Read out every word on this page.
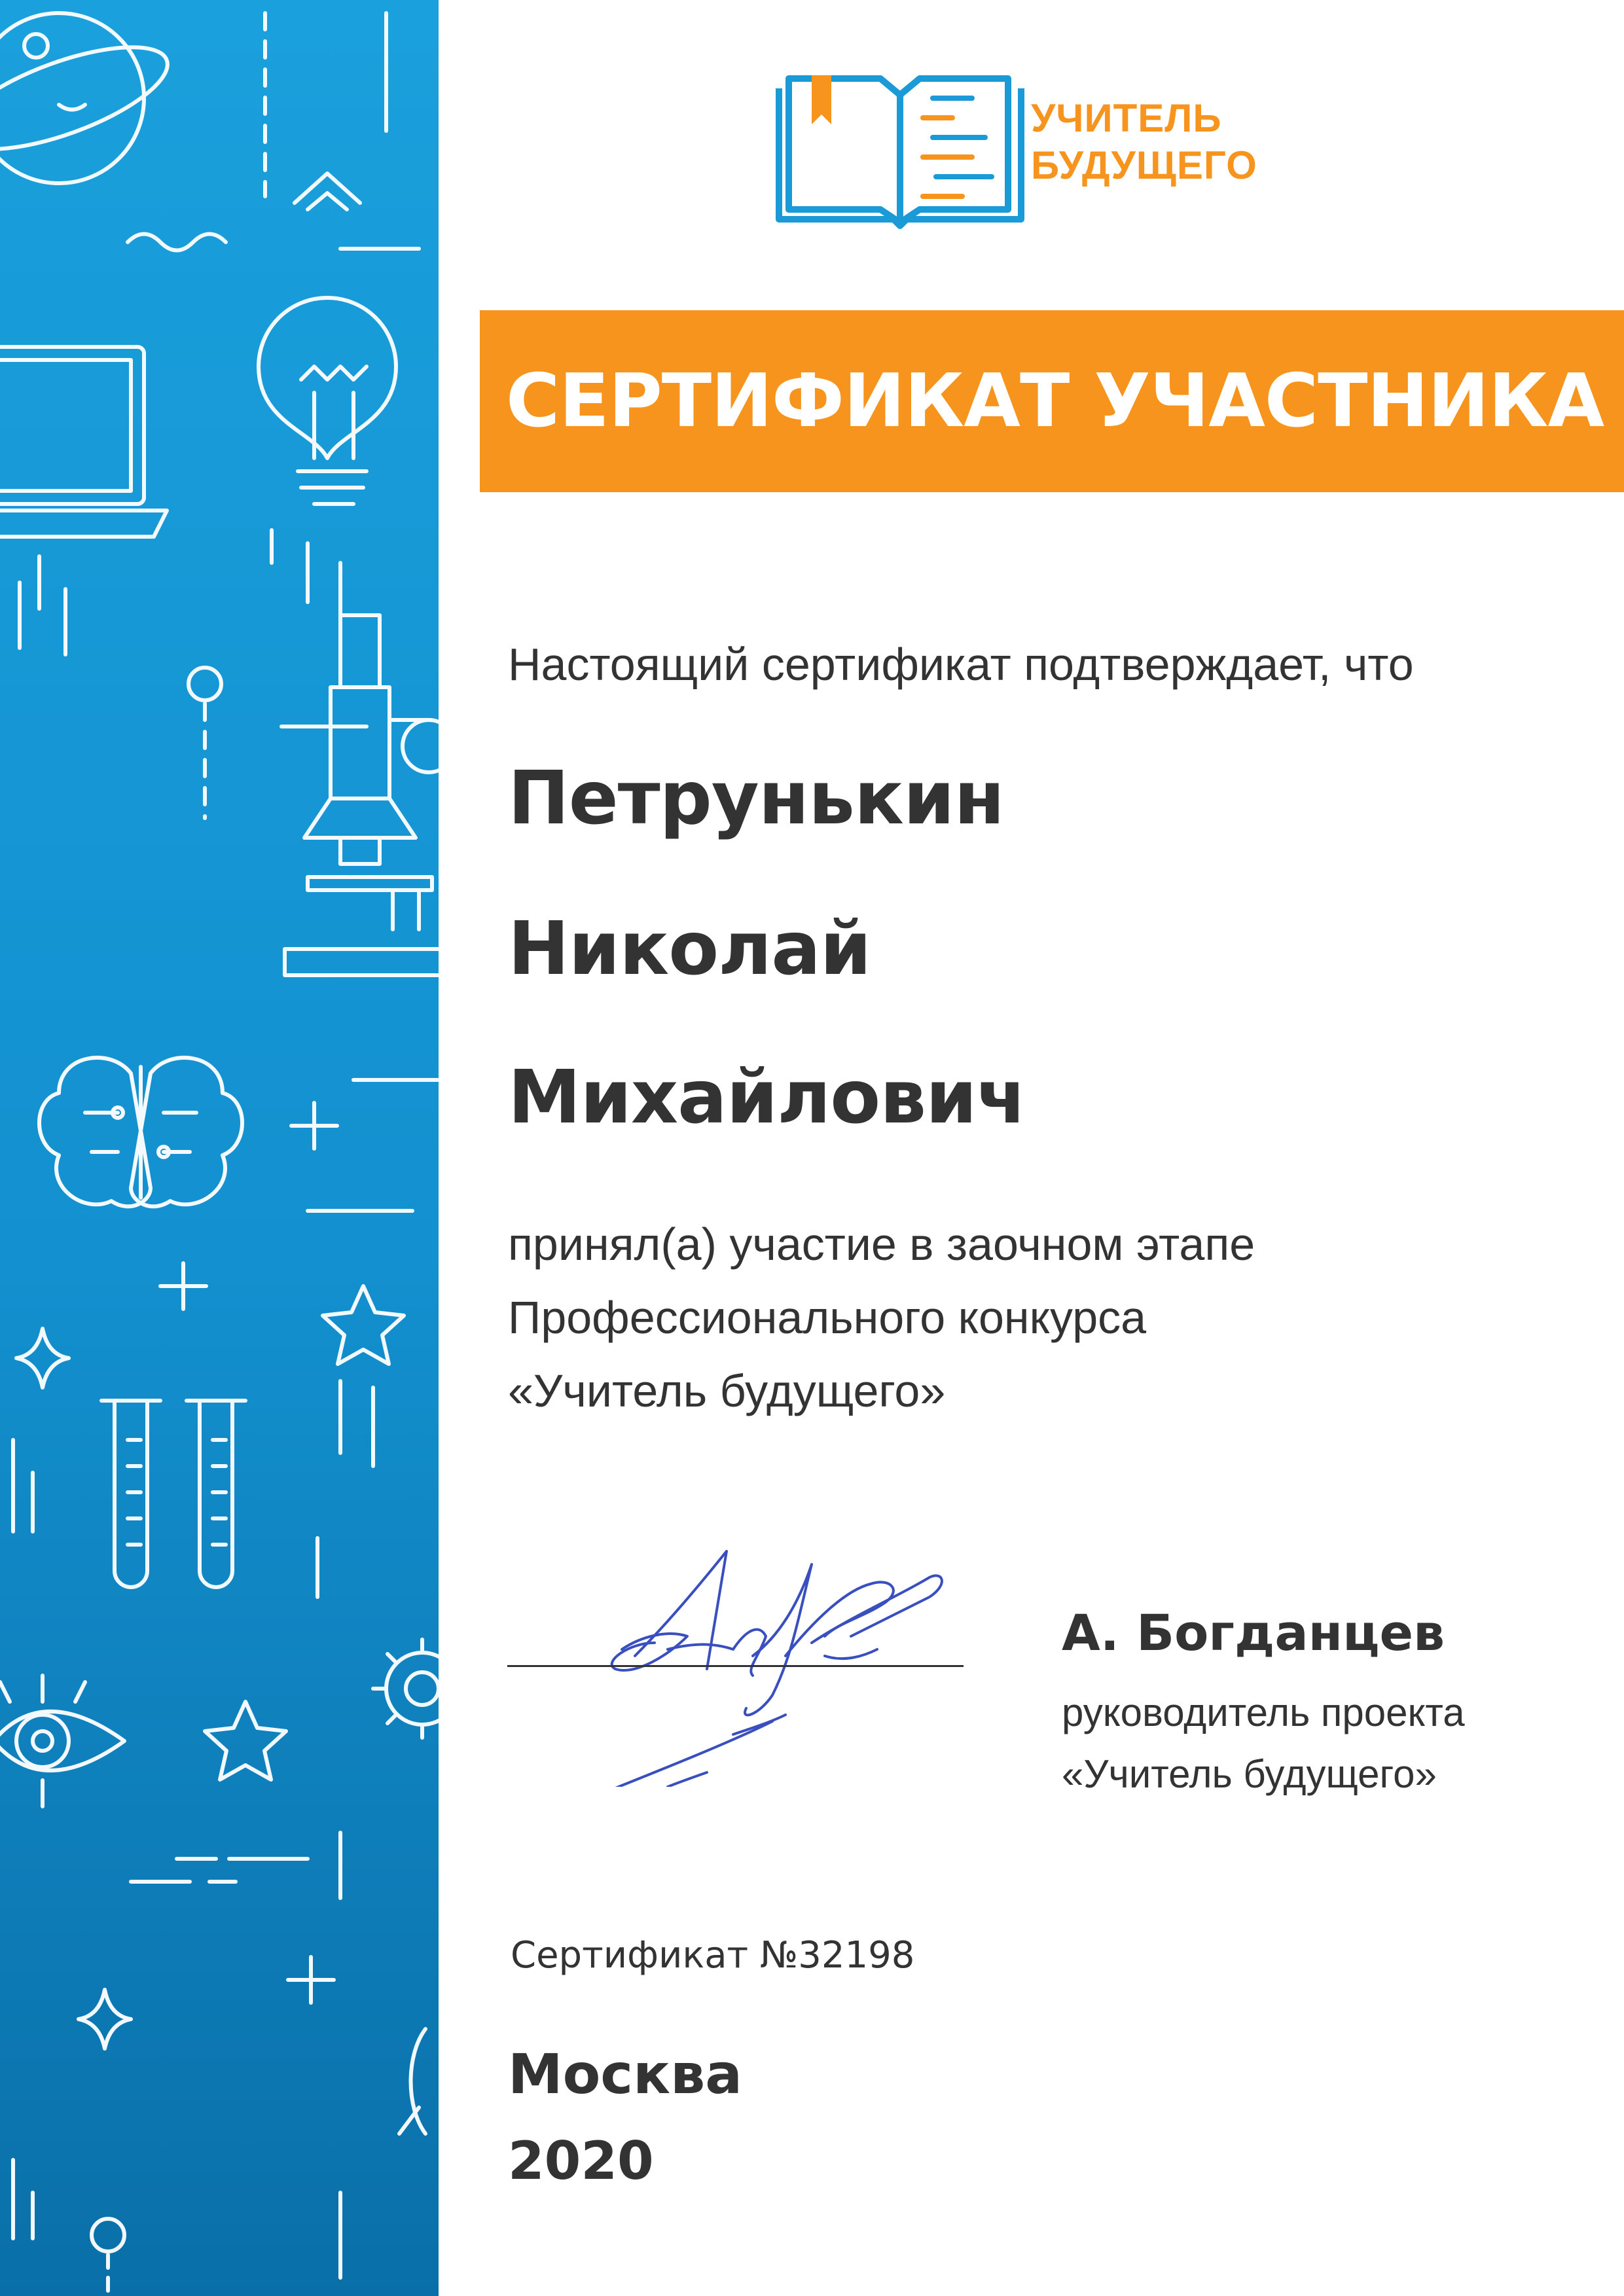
УЧИТЕЛЬ
БУДУЩЕГО
СЕРТИФИКАТ УЧАСТНИКА
Настоящий сертификат подтверждает, что
Петрунькин
Николай
Михайлович
принял(а) участие в заочном этапе
Профессионального конкурса
«Учитель будущего»
А. Богданцев
руководитель проекта
«Учитель будущего»
Сертификат №32198
Москва
2020
